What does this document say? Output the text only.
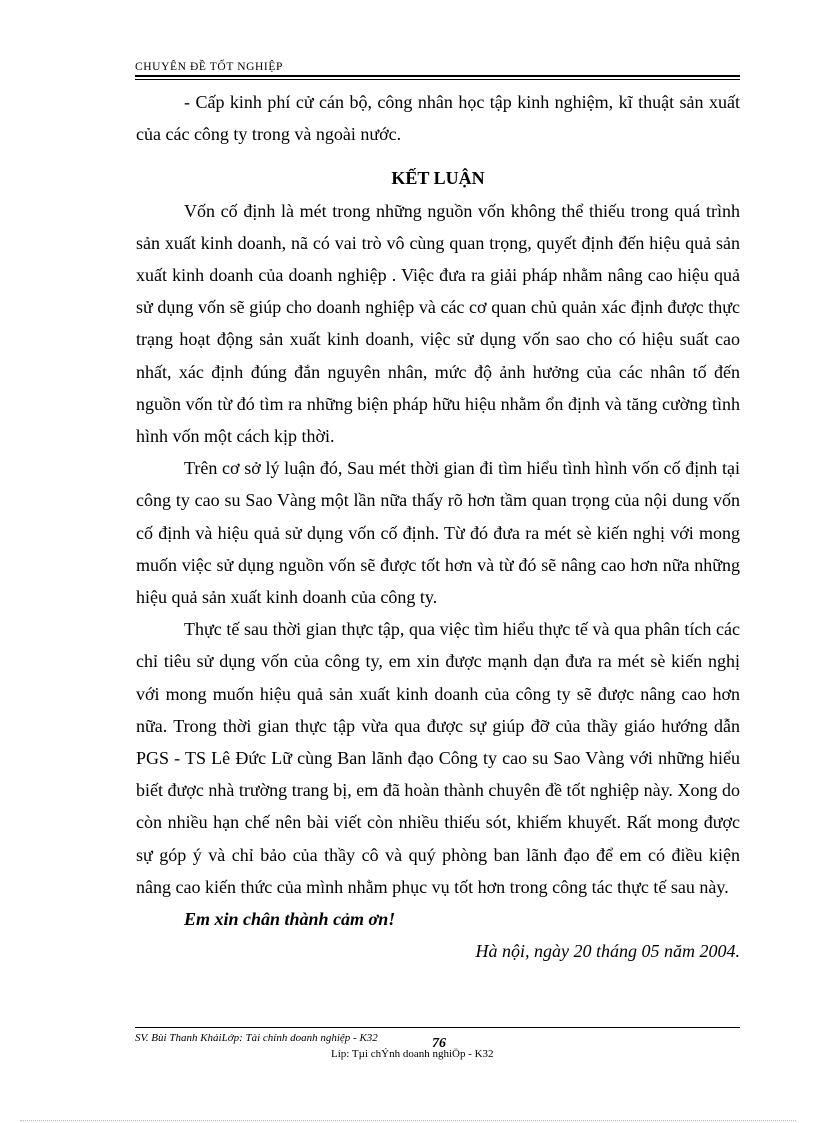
CHUYÊN ĐỀ TỐT NGHIỆP

- Cấp kinh phí cử cán bộ, công nhân học tập kinh nghiệm, kĩ thuật sản xuất của các công ty trong và ngoài nước.

KẾT LUẬN

Vốn cố định là mét trong những nguồn vốn không thể thiếu trong quá trình sản xuất kinh doanh, nã có vai trò vô cùng quan trọng, quyết định đến hiệu quả sản xuất kinh doanh của doanh nghiệp . Việc đưa ra giải pháp nhằm nâng cao hiệu quả sử dụng vốn sẽ giúp cho doanh nghiệp và các cơ quan chủ quản xác định được thực trạng hoạt động sản xuất kinh doanh, việc sử dụng vốn sao cho có hiệu suất cao nhất, xác định đúng đắn nguyên nhân, mức độ ảnh hưởng của các nhân tố đến nguồn vốn từ đó tìm ra những biện pháp hữu hiệu nhằm ổn định và tăng cường tình hình vốn một cách kịp thời.

Trên cơ sở lý luận đó, Sau mét thời gian đi tìm hiểu tình hình vốn cố định tại công ty cao su Sao Vàng một lần nữa thấy rõ hơn tầm quan trọng của nội dung vốn cố định và hiệu quả sử dụng vốn cố định. Từ đó đưa ra mét sè kiến nghị với mong muốn việc sử dụng nguồn vốn sẽ được tốt hơn và từ đó sẽ nâng cao hơn nữa những hiệu quả sản xuất kinh doanh của công ty.

Thực tế sau thời gian thực tập, qua việc tìm hiểu thực tế và qua phân tích các chỉ tiêu sử dụng vốn của công ty, em xin được mạnh dạn đưa ra mét sè kiến nghị với mong muốn hiệu quả sản xuất kinh doanh của công ty sẽ được nâng cao hơn nữa. Trong thời gian thực tập vừa qua được sự giúp đỡ của thầy giáo hướng dẫn PGS - TS Lê Đức Lữ cùng Ban lãnh đạo Công ty cao su Sao Vàng với những hiểu biết được nhà trường trang bị, em đã hoàn thành chuyên đề tốt nghiệp này. Xong do còn nhiều hạn chế nên bài viết còn nhiều thiếu sót, khiếm khuyết. Rất mong được sự góp ý và chỉ bảo của thầy cô và quý phòng ban lãnh đạo để em có điều kiện nâng cao kiến thức của mình nhằm phục vụ tốt hơn trong công tác thực tế sau này.

Em xin chân thành cảm ơn!

Hà nội, ngày 20 tháng 05 năm 2004.

SV. Bùi Thanh KhảiLớp: Tài chính doanh nghiệp - K32	76
Líp: Tµi chÝnh doanh nghiÖp - K32
